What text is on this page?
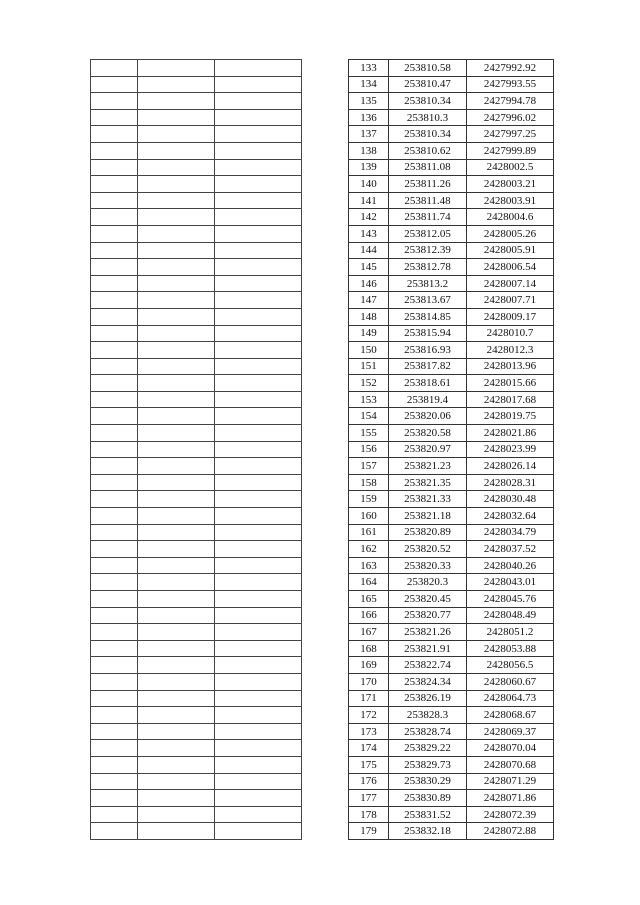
133	253810.58	2427992.92
134	253810.47	2427993.55
135	253810.34	2427994.78
136	253810.3	2427996.02
137	253810.34	2427997.25
138	253810.62	2427999.89
139	253811.08	2428002.5
140	253811.26	2428003.21
141	253811.48	2428003.91
142	253811.74	2428004.6
143	253812.05	2428005.26
144	253812.39	2428005.91
145	253812.78	2428006.54
146	253813.2	2428007.14
147	253813.67	2428007.71
148	253814.85	2428009.17
149	253815.94	2428010.7
150	253816.93	2428012.3
151	253817.82	2428013.96
152	253818.61	2428015.66
153	253819.4	2428017.68
154	253820.06	2428019.75
155	253820.58	2428021.86
156	253820.97	2428023.99
157	253821.23	2428026.14
158	253821.35	2428028.31
159	253821.33	2428030.48
160	253821.18	2428032.64
161	253820.89	2428034.79
162	253820.52	2428037.52
163	253820.33	2428040.26
164	253820.3	2428043.01
165	253820.45	2428045.76
166	253820.77	2428048.49
167	253821.26	2428051.2
168	253821.91	2428053.88
169	253822.74	2428056.5
170	253824.34	2428060.67
171	253826.19	2428064.73
172	253828.3	2428068.67
173	253828.74	2428069.37
174	253829.22	2428070.04
175	253829.73	2428070.68
176	253830.29	2428071.29
177	253830.89	2428071.86
178	253831.52	2428072.39
179	253832.18	2428072.88
